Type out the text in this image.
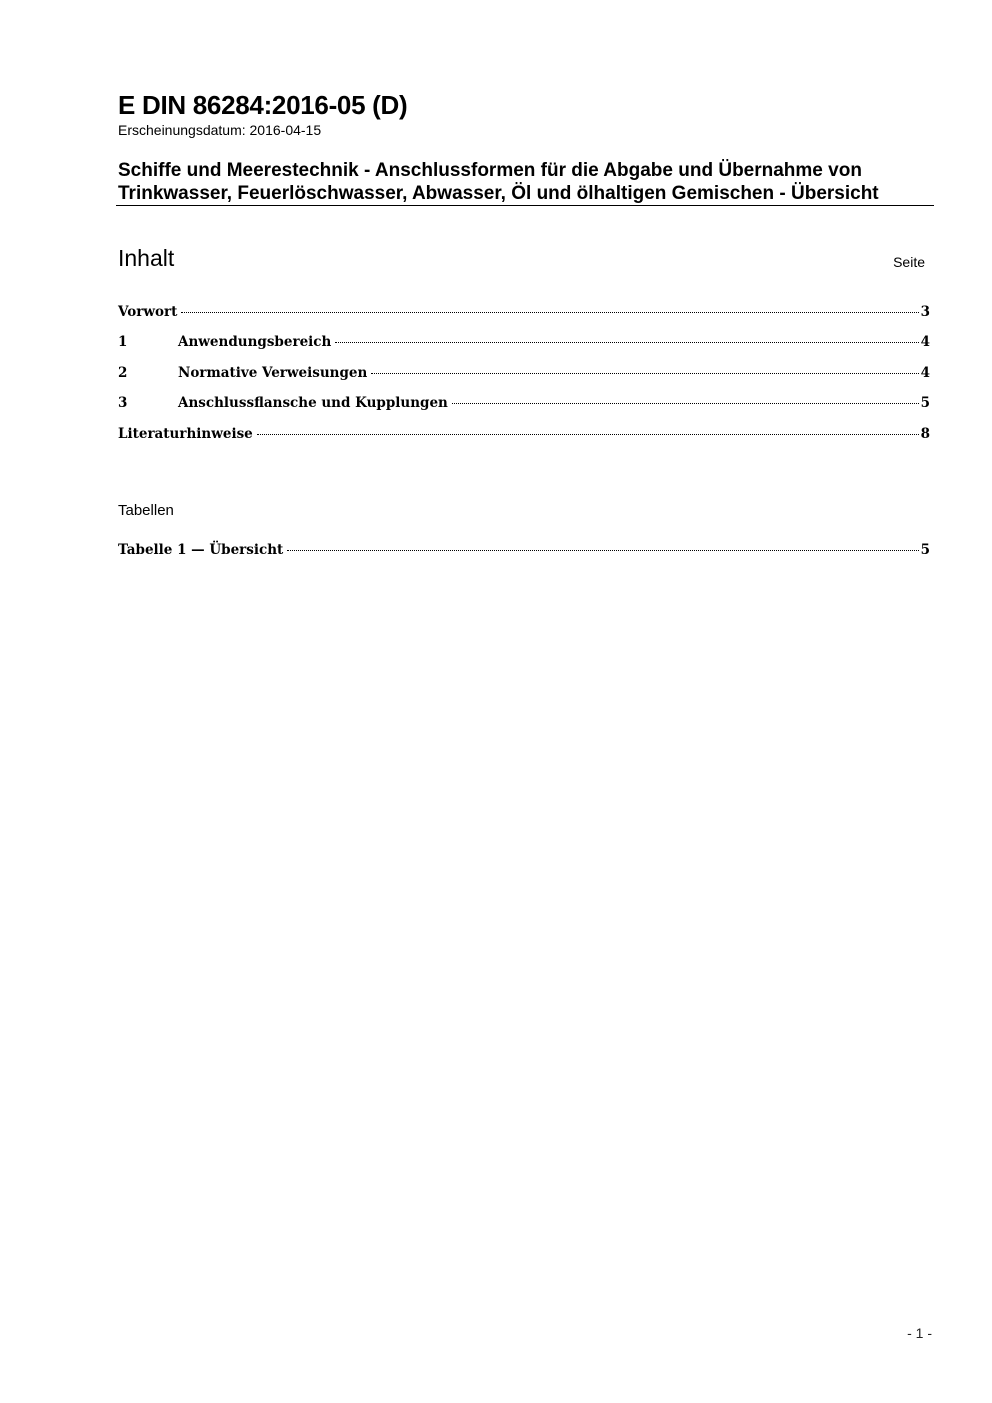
E DIN 86284:2016-05 (D)
Erscheinungsdatum: 2016-04-15
Schiffe und Meerestechnik - Anschlussformen für die Abgabe und Übernahme von
Trinkwasser, Feuerlöschwasser, Abwasser, Öl und ölhaltigen Gemischen - Übersicht
Inhalt	Seite
Vorwort	3
1	Anwendungsbereich	4
2	Normative Verweisungen	4
3	Anschlussflansche und Kupplungen	5
Literaturhinweise	8
Tabellen
Tabelle 1 — Übersicht	5
- 1 -
